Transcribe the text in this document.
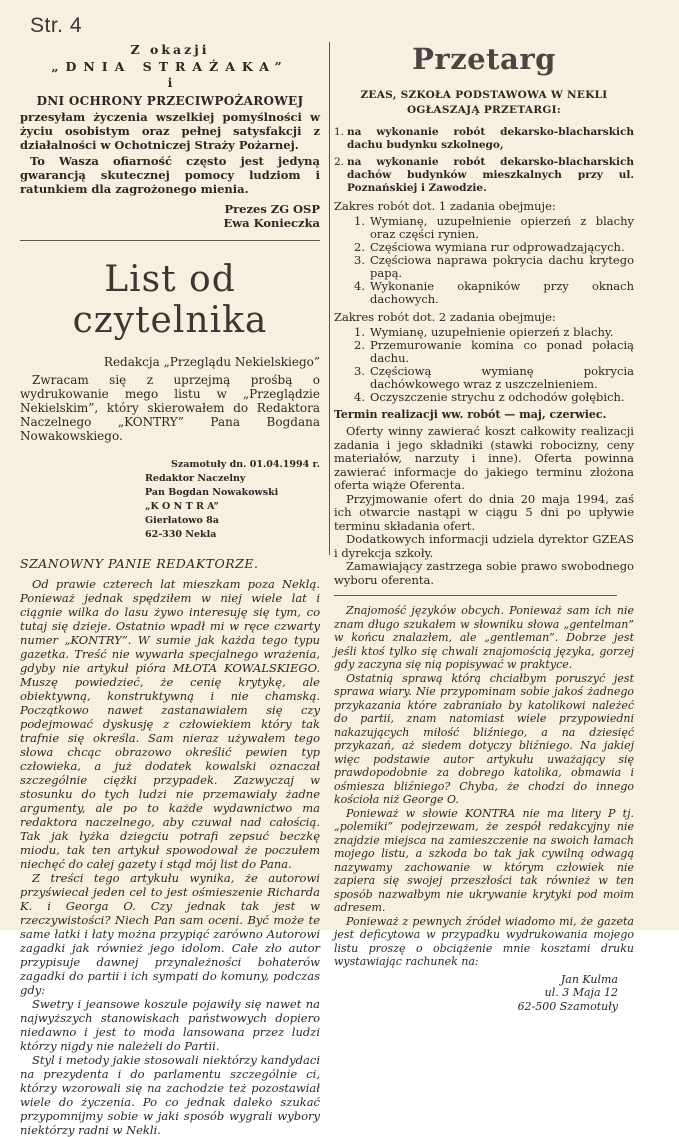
Str. 4
Z okazji
„DNIA STRAŻAKA”
i
DNI OCHRONY PRZECIWPOŻAROWEJ

przesyłam życzenia wszelkiej pomyślności w życiu osobistym oraz pełnej satysfakcji z działalności w Ochotniczej Straży Pożarnej.

To Wasza ofiarność często jest jedyną gwarancją skutecznej pomocy ludziom i ratunkiem dla zagrożonego mienia.

Prezes ZG OSP
Ewa Konieczka
List od czytelnika
Redakcja „Przeglądu Nekielskiego”

Zwracam się z uprzejmą prośbą o wydrukowanie mego listu w „Przeglądzie Nekielskim”, który skierowałem do Redaktora Naczelnego „KONTRY” Pana Bogdana Nowakowskiego.

Szamotuły dn. 01.04.1994 r.
Redaktor Naczelny
Pan Bogdan Nowakowski
„K O N T R A”
Gierłatowo 8a
62-330 Nekla
SZANOWNY PANIE REDAKTORZE.

Od prawie czterech lat mieszkam poza Neklą. Ponieważ jednak spędziłem w niej wiele lat i ciągnie wilka do lasu żywo interesuję się tym, co tutaj się dzieje. Ostatnio wpadł mi w ręce czwarty numer „KONTRY”. W sumie jak każda tego typu gazetka. Treść nie wywarła specjalnego wrażenia, gdyby nie artykuł pióra MŁOTA KOWALSKIEGO. Muszę powiedzieć, że cenię krytykę, ale obiektywną, konstruktywną i nie chamską. Początkowo nawet zastanawiałem się czy podejmować dyskusję z człowiekiem który tak trafnie się określa. Sam nieraz używałem tego słowa chcąc obrazowo określić pewien typ człowieka, a już dodatek kowalski oznaczał szczególnie ciężki przypadek. Zazwyczaj w stosunku do tych ludzi nie przemawiały żadne argumenty, ale po to każde wydawnictwo ma redaktora naczelnego, aby czuwał nad całością. Tak jak łyżka dziegciu potrafi zepsuć beczkę miodu, tak ten artykuł spowodował że poczułem niechęć do całej gazety i stąd mój list do Pana.

Z treści tego artykułu wynika, że autorowi przyświecał jeden cel to jest ośmieszenie Richarda K. i Georga O. Czy jednak tak jest w rzeczywistości? Niech Pan sam oceni. Być może te same łatki i łaty można przypiąć zarówno Autorowi zagadki jak również jego idolom. Całe zło autor przypisuje dawnej przynależności bohaterów zagadki do partii i ich sympati do komuny, podczas gdy:

Swetry i jeansowe koszule pojawiły się nawet na najwyższych stanowiskach państwowych dopiero niedawno i jest to moda lansowana przez ludzi którzy nigdy nie należeli do Partii.

Styl i metody jakie stosowali niektórzy kandydaci na prezydenta i do parlamentu szczególnie ci, którzy wzorowali się na zachodzie też pozostawiał wiele do życzenia. Po co jednak daleko szukać przypomnijmy sobie w jaki sposób wygrali wybory niektórzy radni w Nekli.

Przetarg
ZEAS, SZKOŁA PODSTAWOWA W NEKLI OGŁASZAJĄ PRZETARGI:
1. na wykonanie robót dekarsko-blacharskich dachu budynku szkolnego,
2. na wykonanie robót dekarsko-blacharskich dachów budynków mieszkalnych przy ul. Poznańskiej i Zawodzie.
Zakres robót dot. 1 zadania obejmuje:
1. Wymianę, uzupełnienie opierzeń z blachy oraz części rynien.
2. Częściowa wymiana rur odprowadzających.
3. Częściowa naprawa pokrycia dachu krytego papą.
4. Wykonanie okapników przy oknach dachowych.
Zakres robót dot. 2 zadania obejmuje:
1. Wymianę, uzupełnienie opierzeń z blachy.
2. Przemurowanie komina co ponad połacią dachu.
3. Częściową wymianę pokrycia dachówkowego wraz z uszczelnieniem.
4. Oczyszczenie strychu z odchodów gołębich.
Termin realizacji ww. robót — maj, czerwiec.

Oferty winny zawierać koszt całkowity realizacji zadania i jego składniki (stawki robocizny, ceny materiałów, narzuty i inne). Oferta powinna zawierać informacje do jakiego terminu złożona oferta wiąże Oferenta.

Przyjmowanie ofert do dnia 20 maja 1994, zaś ich otwarcie nastąpi w ciągu 5 dni po upływie terminu składania ofert.

Dodatkowych informacji udziela dyrektor GZEAS i dyrekcja szkoły.

Zamawiający zastrzega sobie prawo swobodnego wyboru oferenta.

Znajomość języków obcych. Ponieważ sam ich nie znam długo szukałem w słowniku słowa „gentelman” w końcu znalazłem, ale „gentleman”. Dobrze jest jeśli ktoś tylko się chwali znajomością języka, gorzej gdy zaczyna się nią popisywać w praktyce.

Ostatnią sprawą którą chciałbym poruszyć jest sprawa wiary. Nie przypominam sobie jakoś żadnego przykazania które zabraniało by katolikowi należeć do partii, znam natomiast wiele przypowiedni nakazujących miłość bliźniego, a na dziesięć przykazań, aż siedem dotyczy bliźniego. Na jakiej więc podstawie autor artykułu uważający się prawdopodobnie za dobrego katolika, obmawia i ośmiesza bliźniego? Chyba, że chodzi do innego kościoła niż George O.

Ponieważ w słowie KONTRA nie ma litery P tj. „polemiki” podejrzewam, że zespół redakcyjny nie znajdzie miejsca na zamieszczenie na swoich łamach mojego listu, a szkoda bo tak jak cywilną odwagą nazywamy zachowanie w którym człowiek nie zapiera się swojej przeszłości tak również w ten sposób nazwałbym nie ukrywanie krytyki pod moim adresem.

Ponieważ z pewnych źródeł wiadomo mi, że gazeta jest deficytowa w przypadku wydrukowania mojego listu proszę o obciążenie mnie kosztami druku wystawiając rachunek na:

Jan Kulma
ul. 3 Maja 12
62-500 Szamotuły
